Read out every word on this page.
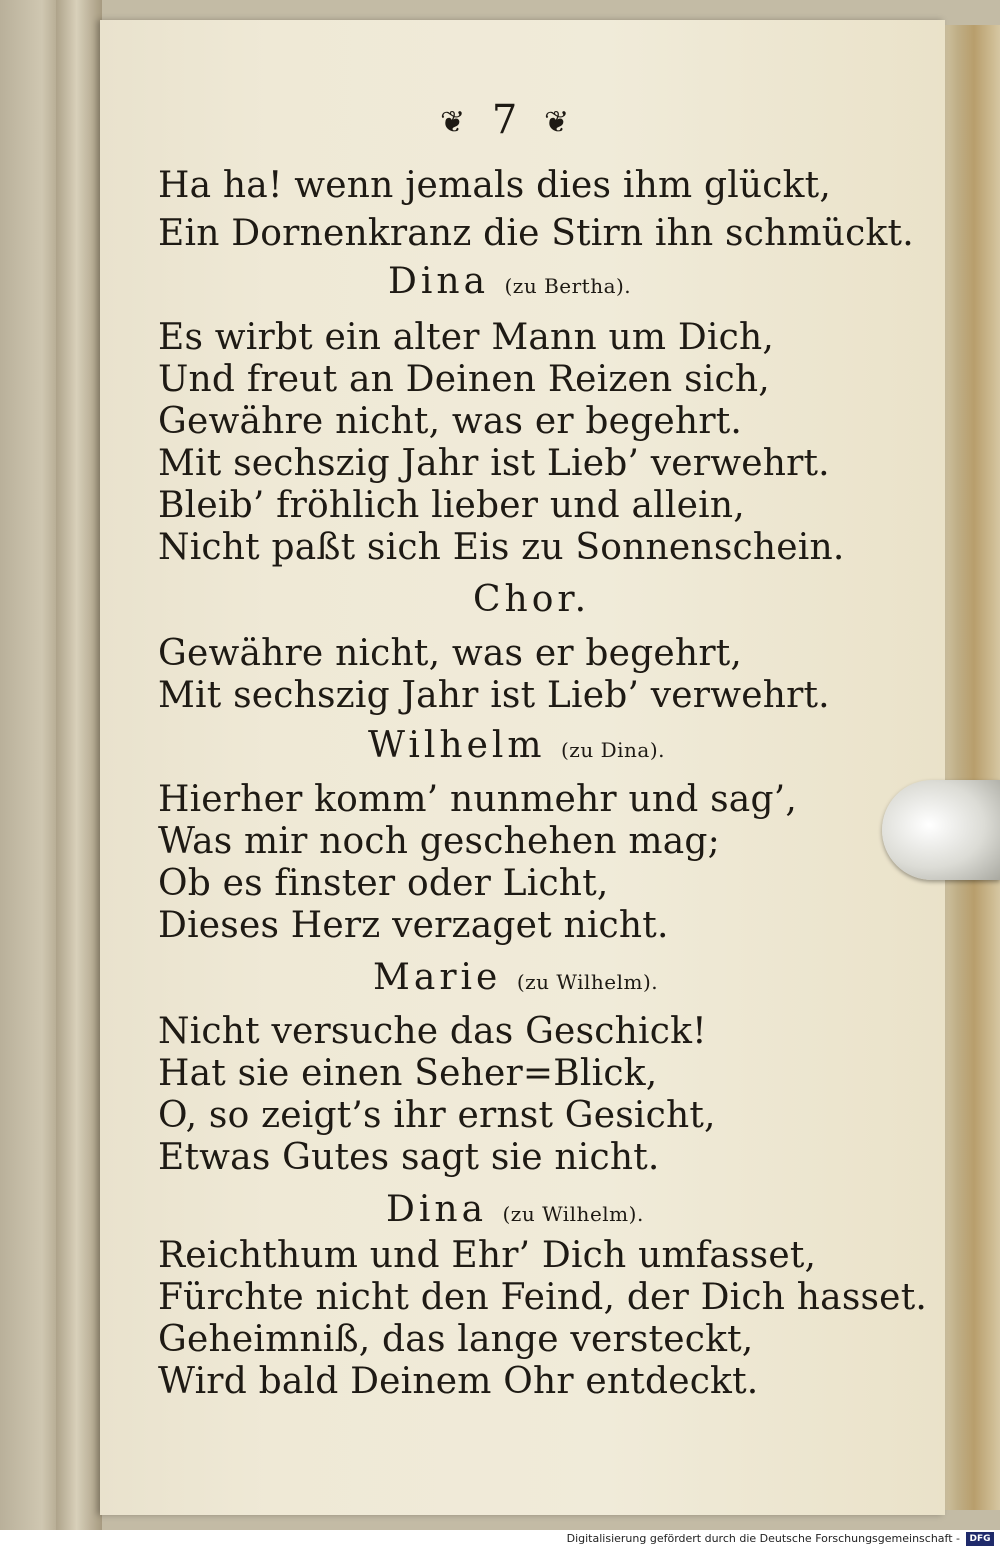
❦ 7 ❦
Ha ha! wenn jemals dies ihm glückt,
Ein Dornenkranz die Stirn ihn schmückt.
Dina (zu Bertha).
Es wirbt ein alter Mann um Dich,
Und freut an Deinen Reizen sich,
Gewähre nicht, was er begehrt.
Mit sechszig Jahr ist Lieb’ verwehrt.
Bleib’ fröhlich lieber und allein,
Nicht paßt sich Eis zu Sonnenschein.
Chor.
Gewähre nicht, was er begehrt,
Mit sechszig Jahr ist Lieb’ verwehrt.
Wilhelm (zu Dina).
Hierher komm’ nunmehr und sag’,
Was mir noch geschehen mag;
Ob es finster oder Licht,
Dieses Herz verzaget nicht.
Marie (zu Wilhelm).
Nicht versuche das Geschick!
Hat sie einen Seher=Blick,
O, so zeigt’s ihr ernst Gesicht,
Etwas Gutes sagt sie nicht.
Dina (zu Wilhelm).
Reichthum und Ehr’ Dich umfasset,
Fürchte nicht den Feind, der Dich hasset.
Geheimniß, das lange versteckt,
Wird bald Deinem Ohr entdeckt.
Digitalisierung gefördert durch die Deutsche Forschungsgemeinschaft -	DFG
